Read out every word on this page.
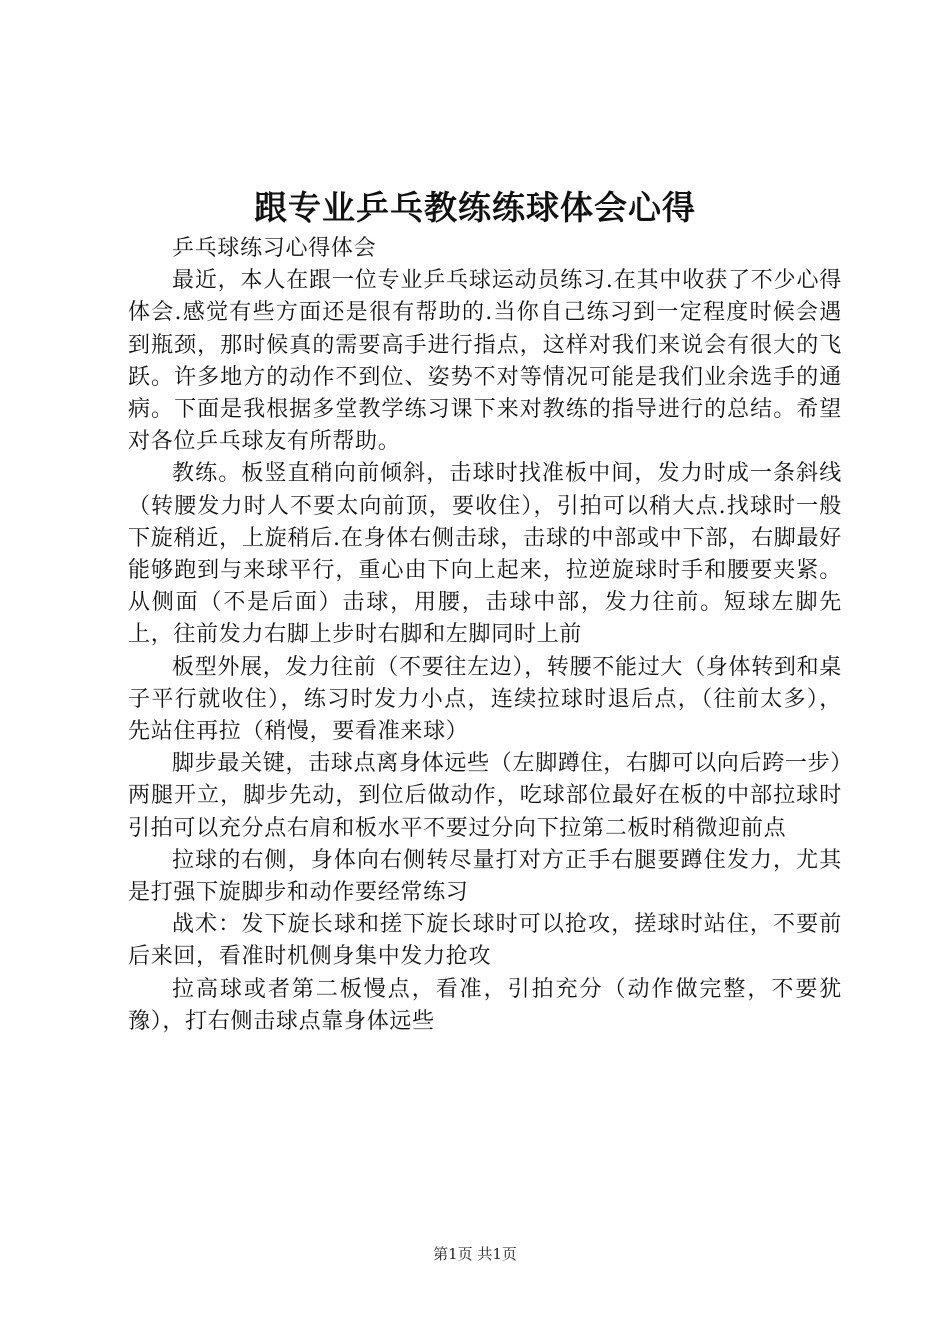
跟专业乒乓教练练球体会心得

乒乓球练习心得体会

最近，本人在跟一位专业乒乓球运动员练习.在其中收获了不少心得体会.感觉有些方面还是很有帮助的.当你自己练习到一定程度时候会遇到瓶颈，那时候真的需要高手进行指点，这样对我们来说会有很大的飞跃。许多地方的动作不到位、姿势不对等情况可能是我们业余选手的通病。下面是我根据多堂教学练习课下来对教练的指导进行的总结。希望对各位乒乓球友有所帮助。

教练。板竖直稍向前倾斜，击球时找准板中间，发力时成一条斜线（转腰发力时人不要太向前顶，要收住），引拍可以稍大点.找球时一般下旋稍近，上旋稍后.在身体右侧击球，击球的中部或中下部，右脚最好能够跑到与来球平行，重心由下向上起来，拉逆旋球时手和腰要夹紧。从侧面（不是后面）击球，用腰，击球中部，发力往前。短球左脚先上，往前发力右脚上步时右脚和左脚同时上前

板型外展，发力往前（不要往左边），转腰不能过大（身体转到和桌子平行就收住），练习时发力小点，连续拉球时退后点，（往前太多），先站住再拉（稍慢，要看准来球）

脚步最关键，击球点离身体远些（左脚蹲住，右脚可以向后跨一步）两腿开立，脚步先动，到位后做动作，吃球部位最好在板的中部拉球时引拍可以充分点右肩和板水平不要过分向下拉第二板时稍微迎前点

拉球的右侧，身体向右侧转尽量打对方正手右腿要蹲住发力，尤其是打强下旋脚步和动作要经常练习

战术：发下旋长球和搓下旋长球时可以抢攻，搓球时站住，不要前后来回，看准时机侧身集中发力抢攻

拉高球或者第二板慢点，看准，引拍充分（动作做完整，不要犹豫），打右侧击球点靠身体远些

第1页 共1页
